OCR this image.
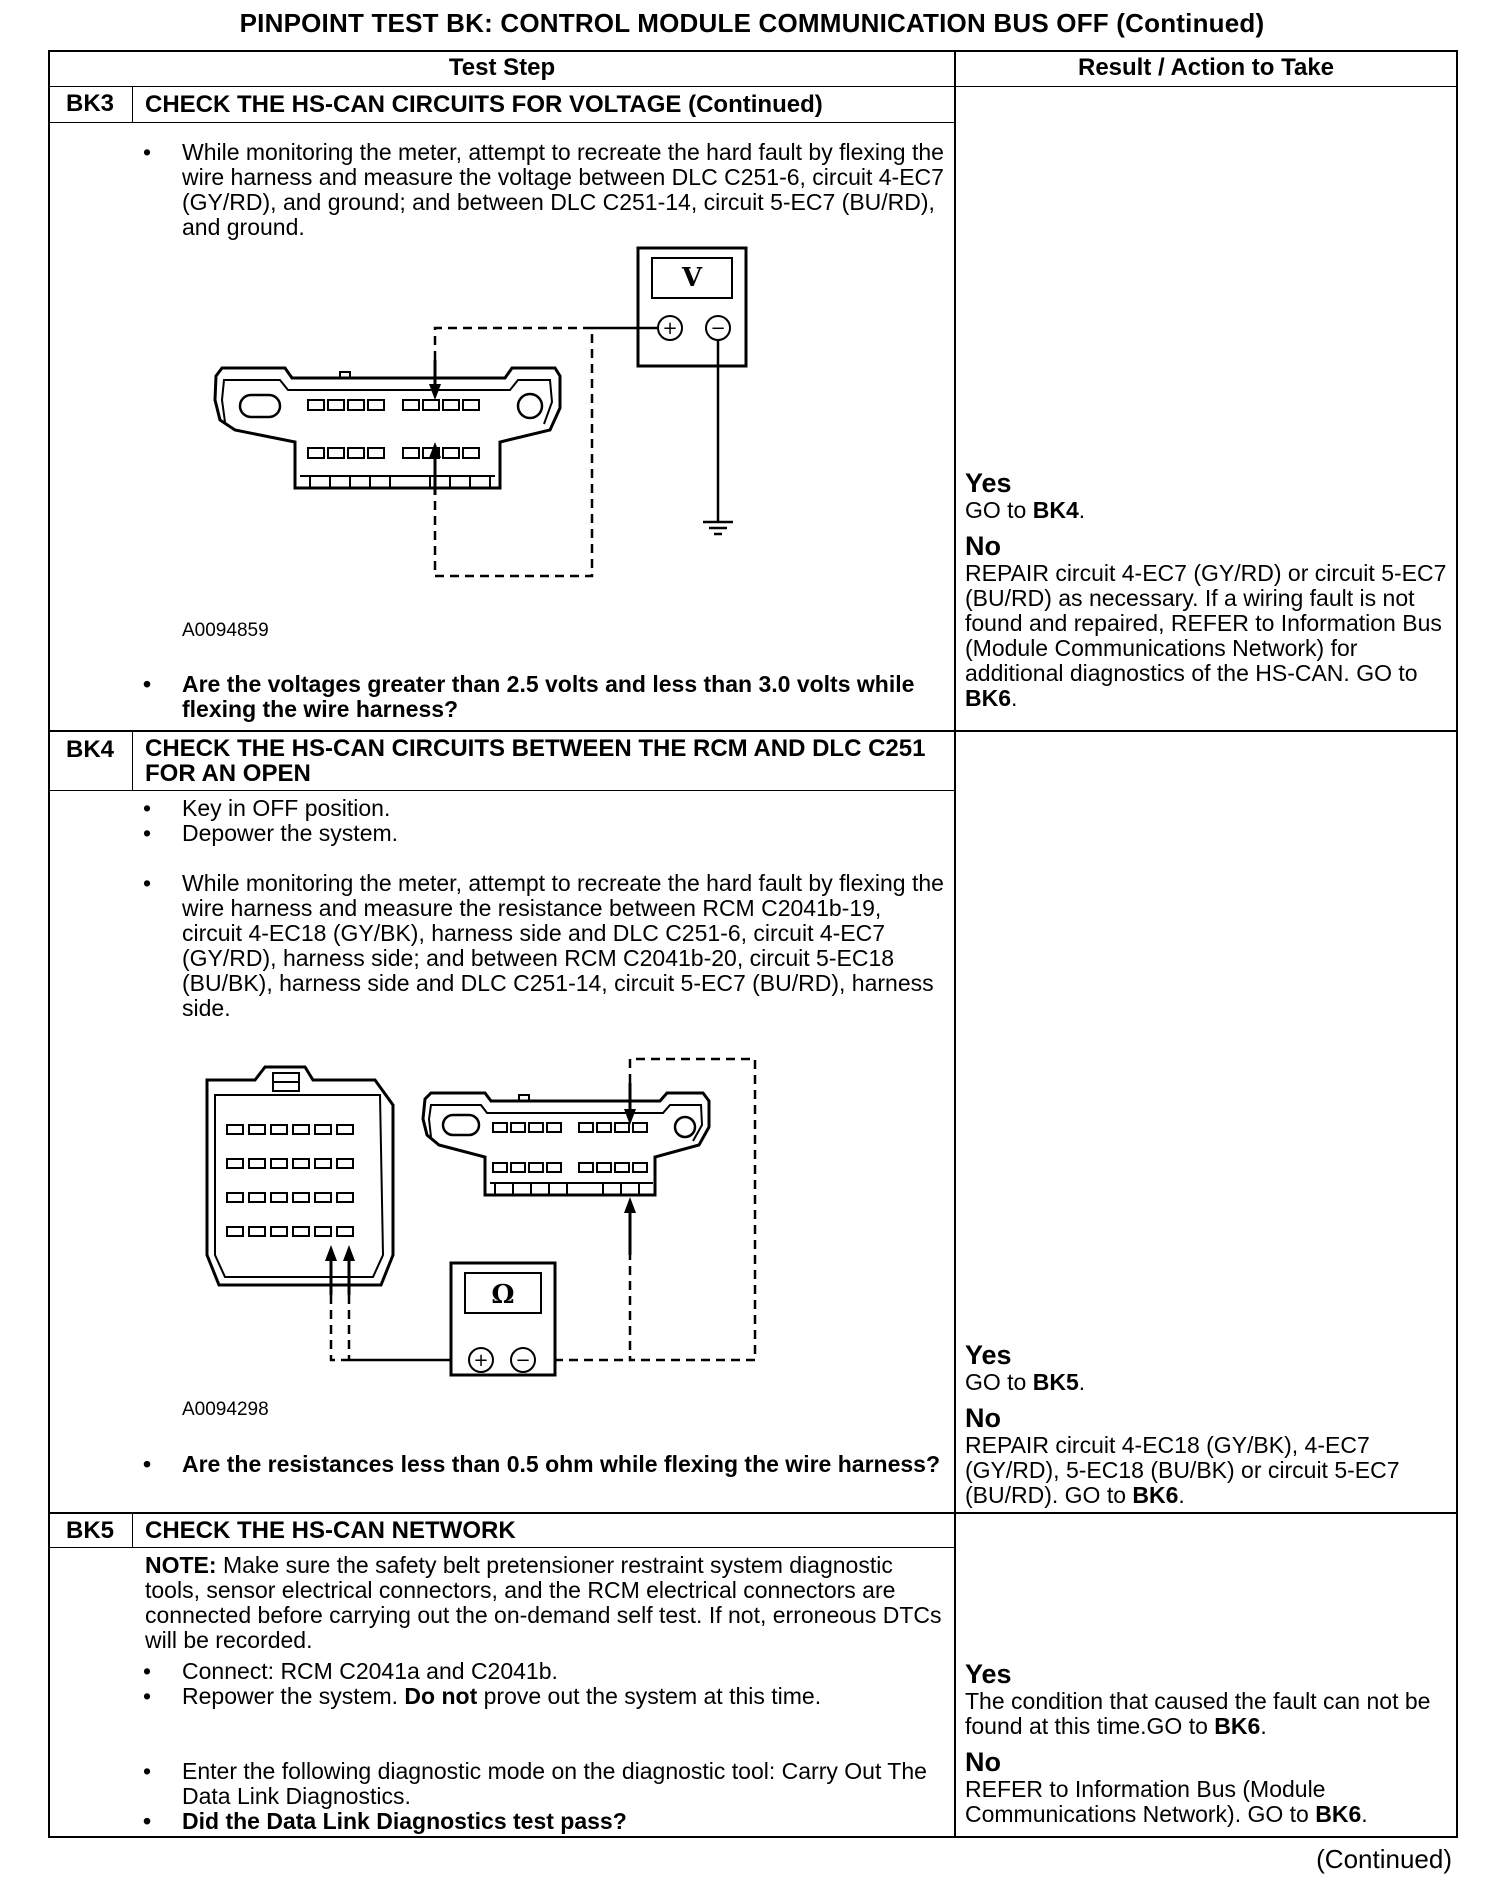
PINPOINT TEST BK: CONTROL MODULE COMMUNICATION BUS OFF (Continued)
Test Step	Result / Action to Take
BK3	CHECK THE HS-CAN CIRCUITS FOR VOLTAGE (Continued)
• While monitoring the meter, attempt to recreate the hard fault by flexing the wire harness and measure the voltage between DLC C251-6, circuit 4-EC7 (GY/RD), and ground; and between DLC C251-14, circuit 5-EC7 (BU/RD), and ground.
V
+ −
A0094859
• Are the voltages greater than 2.5 volts and less than 3.0 volts while flexing the wire harness?
Yes
GO to BK4.
No
REPAIR circuit 4-EC7 (GY/RD) or circuit 5-EC7 (BU/RD) as necessary. If a wiring fault is not found and repaired, REFER to Information Bus (Module Communications Network) for additional diagnostics of the HS-CAN. GO to BK6.
BK4	CHECK THE HS-CAN CIRCUITS BETWEEN THE RCM AND DLC C251 FOR AN OPEN
• Key in OFF position.
• Depower the system.
• While monitoring the meter, attempt to recreate the hard fault by flexing the wire harness and measure the resistance between RCM C2041b-19, circuit 4-EC18 (GY/BK), harness side and DLC C251-6, circuit 4-EC7 (GY/RD), harness side; and between RCM C2041b-20, circuit 5-EC18 (BU/BK), harness side and DLC C251-14, circuit 5-EC7 (BU/RD), harness side.
Ω
+ −
A0094298
• Are the resistances less than 0.5 ohm while flexing the wire harness?
Yes
GO to BK5.
No
REPAIR circuit 4-EC18 (GY/BK), 4-EC7 (GY/RD), 5-EC18 (BU/BK) or circuit 5-EC7 (BU/RD). GO to BK6.
BK5	CHECK THE HS-CAN NETWORK
NOTE: Make sure the safety belt pretensioner restraint system diagnostic tools, sensor electrical connectors, and the RCM electrical connectors are connected before carrying out the on-demand self test. If not, erroneous DTCs will be recorded.
• Connect: RCM C2041a and C2041b.
• Repower the system. Do not prove out the system at this time.
• Enter the following diagnostic mode on the diagnostic tool: Carry Out The Data Link Diagnostics.
• Did the Data Link Diagnostics test pass?
Yes
The condition that caused the fault can not be found at this time.GO to BK6.
No
REFER to Information Bus (Module Communications Network). GO to BK6.
(Continued)
